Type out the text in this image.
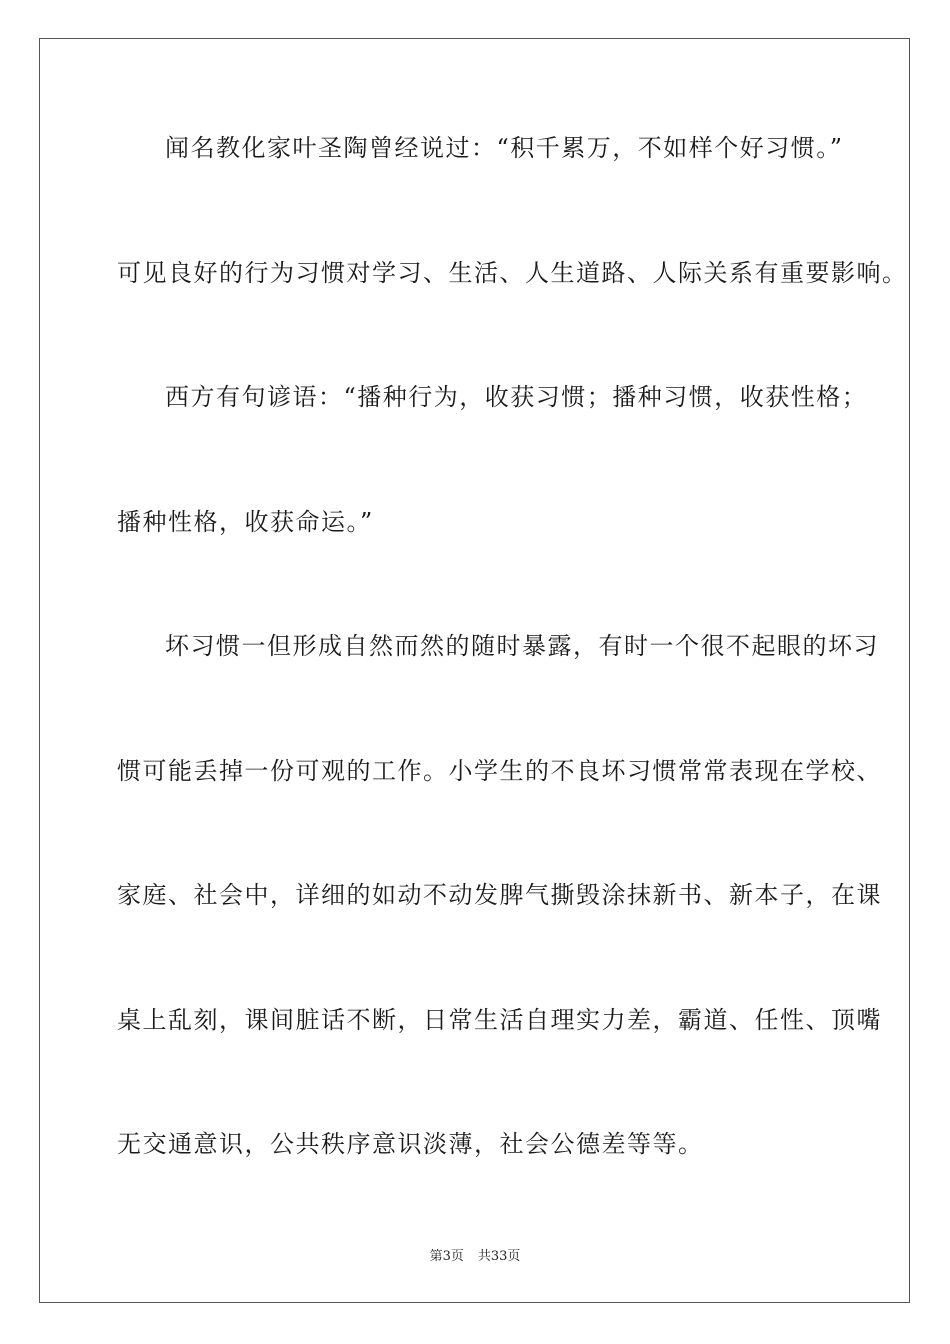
闻名教化家叶圣陶曾经说过：“积千累万，不如样个好习惯。”
可见良好的行为习惯对学习、生活、人生道路、人际关系有重要影响。
西方有句谚语：“播种行为，收获习惯；播种习惯，收获性格；
播种性格，收获命运。”
坏习惯一但形成自然而然的随时暴露，有时一个很不起眼的坏习
惯可能丢掉一份可观的工作。小学生的不良坏习惯常常表现在学校、
家庭、社会中，详细的如动不动发脾气撕毁涂抹新书、新本子，在课
桌上乱刻，课间脏话不断，日常生活自理实力差，霸道、任性、顶嘴
无交通意识，公共秩序意识淡薄，社会公德差等等。
第3页 共33页
